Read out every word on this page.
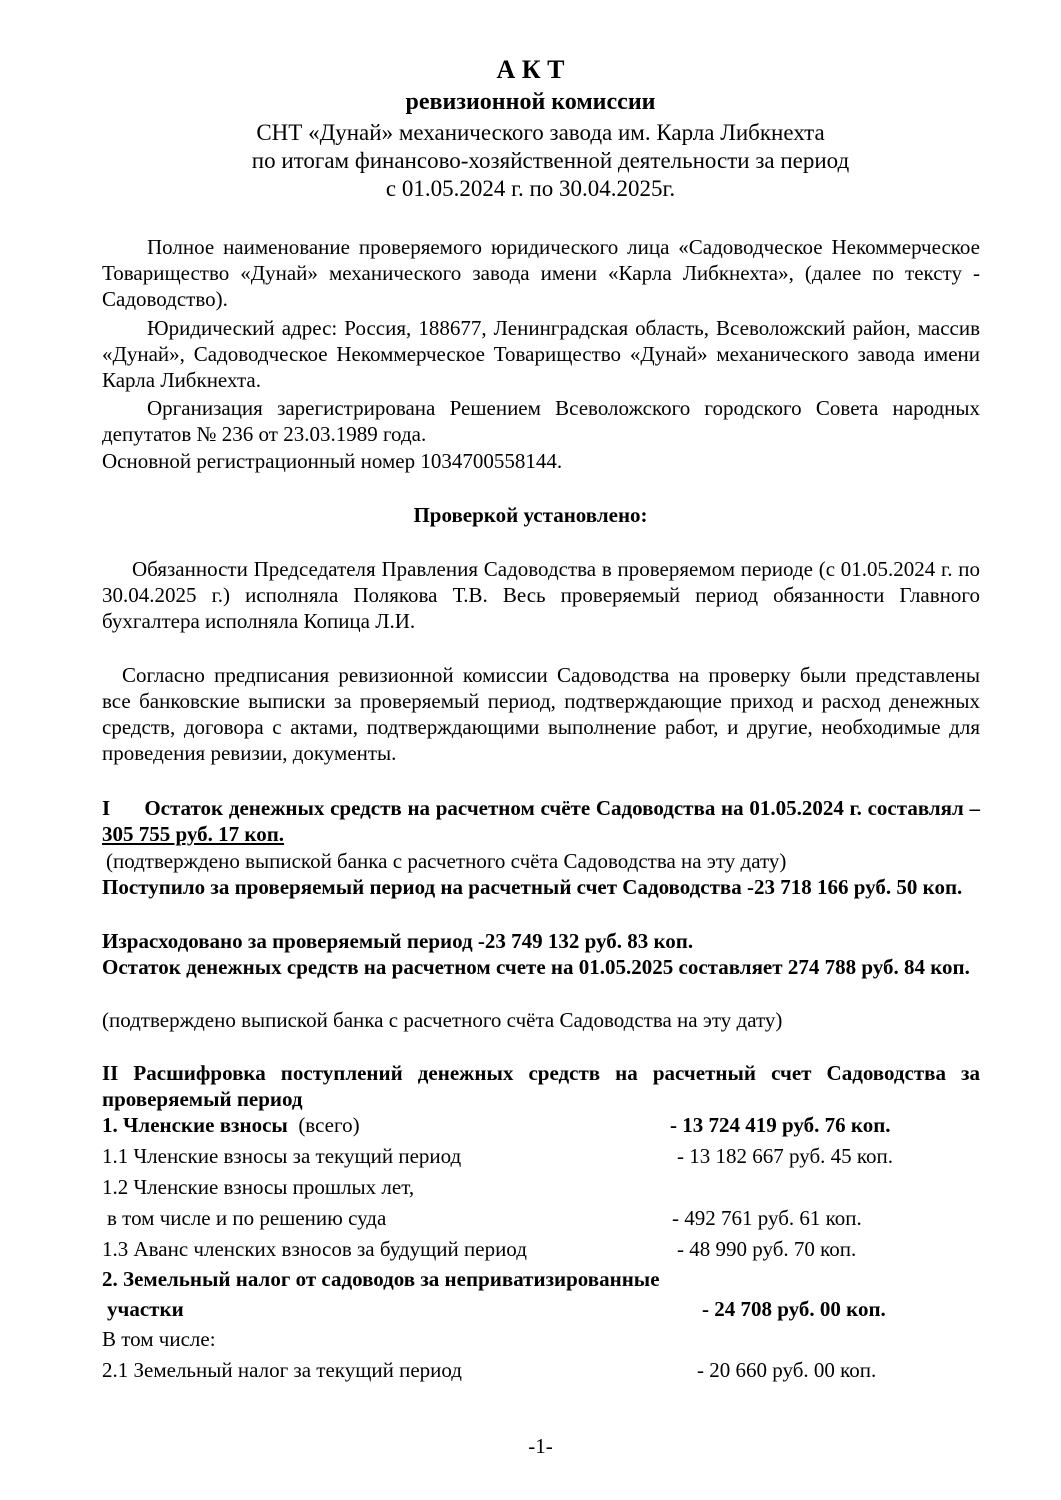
А К Т
ревизионной комиссии
СНТ «Дунай» механического завода им. Карла Либкнехта
по итогам финансово-хозяйственной деятельности за период
с 01.05.2024 г. по 30.04.2025г.
Полное наименование проверяемого юридического лица «Садоводческое Некоммерческое Товарищество «Дунай» механического завода имени «Карла Либкнехта», (далее по тексту - Садоводство).
Юридический адрес: Россия, 188677, Ленинградская область, Всеволожский район, массив «Дунай», Садоводческое Некоммерческое Товарищество «Дунай» механического завода имени Карла Либкнехта.
Организация зарегистрирована Решением Всеволожского городского Совета народных депутатов № 236 от 23.03.1989 года.
Основной регистрационный номер 1034700558144.
Проверкой установлено:
Обязанности Председателя Правления Садоводства в проверяемом периоде (с 01.05.2024 г. по 30.04.2025 г.) исполняла Полякова Т.В. Весь проверяемый период обязанности Главного бухгалтера исполняла Копица Л.И.
Согласно предписания ревизионной комиссии Садоводства на проверку были представлены все банковские выписки за проверяемый период, подтверждающие приход и расход денежных средств, договора с актами, подтверждающими выполнение работ, и другие, необходимые для проведения ревизии, документы.
I Остаток денежных средств на расчетном счёте Садоводства на 01.05.2024 г. составлял – 305 755 руб. 17 коп.
(подтверждено выпиской банка с расчетного счёта Садоводства на эту дату)
Поступило за проверяемый период на расчетный счет Садоводства -23 718 166 руб. 50 коп.
Израсходовано за проверяемый период -23 749 132 руб. 83 коп.
Остаток денежных средств на расчетном счете на 01.05.2025 составляет 274 788 руб. 84 коп.
(подтверждено выпиской банка с расчетного счёта Садоводства на эту дату)
II Расшифровка поступлений денежных средств на расчетный счет Садоводства за проверяемый период
1. Членские взносы (всего)	- 13 724 419 руб. 76 коп.
1.1 Членские взносы за текущий период	- 13 182 667 руб. 45 коп.
1.2 Членские взносы прошлых лет,
в том числе и по решению суда	- 492 761 руб. 61 коп.
1.3 Аванс членских взносов за будущий период	- 48 990 руб. 70 коп.
2. Земельный налог от садоводов за неприватизированные
участки	- 24 708 руб. 00 коп.
В том числе:
2.1 Земельный налог за текущий период	- 20 660 руб. 00 коп.
-1-
